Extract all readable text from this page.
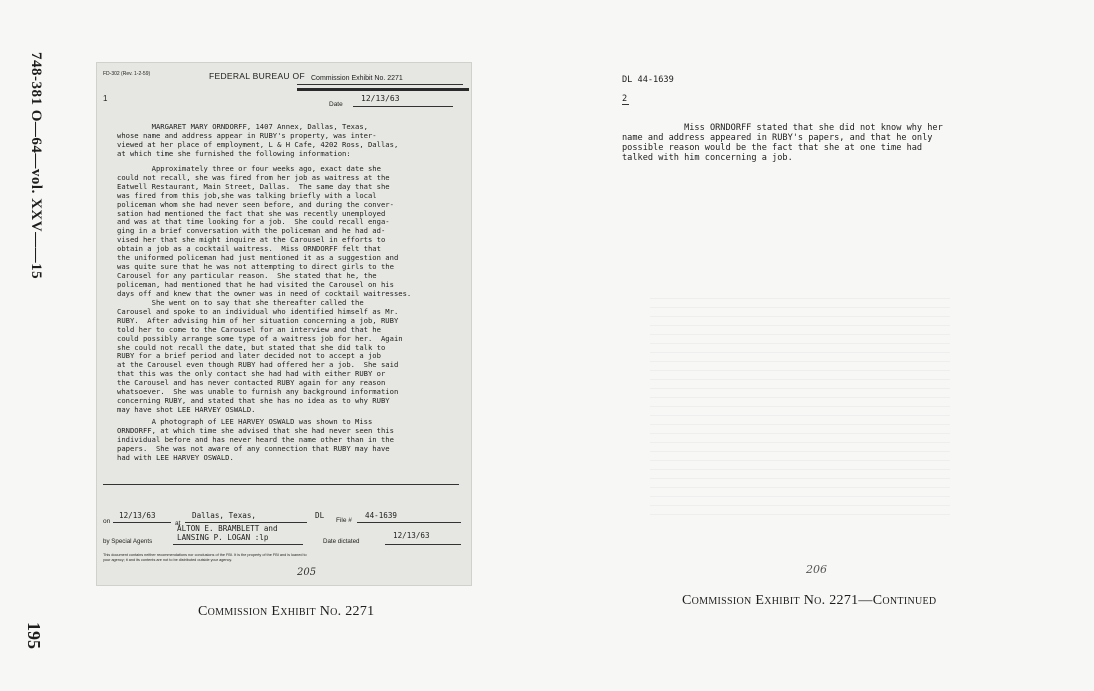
748-381 O—64—vol. XXV——15
195

FD-302 (Rev. 1-2-59)	FEDERAL BUREAU OF Commission Exhibit No. 2271
1
Date
12/13/63

MARGARET MARY ORNDORFF, 1407 Annex, Dallas, Texas,
whose name and address appear in RUBY's property, was inter-
viewed at her place of employment, L & H Cafe, 4202 Ross, Dallas,
at which time she furnished the following information:

Approximately three or four weeks ago, exact date she
could not recall, she was fired from her job as waitress at the
Eatwell Restaurant, Main Street, Dallas.  The same day that she
was fired from this job,she was talking briefly with a local
policeman whom she had never seen before, and during the conver-
sation had mentioned the fact that she was recently unemployed
and was at that time looking for a job.  She could recall enga-
ging in a brief conversation with the policeman and he had ad-
vised her that she might inquire at the Carousel in efforts to
obtain a job as a cocktail waitress.  Miss ORNDORFF felt that
the uniformed policeman had just mentioned it as a suggestion and
was quite sure that he was not attempting to direct girls to the
Carousel for any particular reason.  She stated that he, the
policeman, had mentioned that he had visited the Carousel on his
days off and knew that the owner was in need of cocktail waitresses.

She went on to say that she thereafter called the
Carousel and spoke to an individual who identified himself as Mr.
RUBY.  After advising him of her situation concerning a job, RUBY
told her to come to the Carousel for an interview and that he
could possibly arrange some type of a waitress job for her.  Again
she could not recall the date, but stated that she did talk to
RUBY for a brief period and later decided not to accept a job
at the Carousel even though RUBY had offered her a job.  She said
that this was the only contact she had had with either RUBY or
the Carousel and has never contacted RUBY again for any reason
whatsoever.  She was unable to furnish any background information
concerning RUBY, and stated that she has no idea as to why RUBY
may have shot LEE HARVEY OSWALD.

A photograph of LEE HARVEY OSWALD was shown to Miss
ORNDORFF, at which time she advised that she had never seen this
individual before and has never heard the name other than in the
papers.  She was not aware of any connection that RUBY may have
had with LEE HARVEY OSWALD.

on
12/13/63
at
Dallas, Texas,	DL
File #
44-1639
ALTON E. BRAMBLETT and
LANSING P. LOGAN :lp
by Special Agents	Date dictated
12/13/63
This document contains neither recommendations nor conclusions of the FBI. It is the property of the FBI and is loaned to
your agency; it and its contents are not to be distributed outside your agency.
205
Commission Exhibit No. 2271
DL 44-1639
2
Miss ORNDORFF stated that she did not know why her
name and address appeared in RUBY's papers, and that he only
possible reason would be the fact that she at one time had
talked with him concerning a job.
206
Commission Exhibit No. 2271—Continued
